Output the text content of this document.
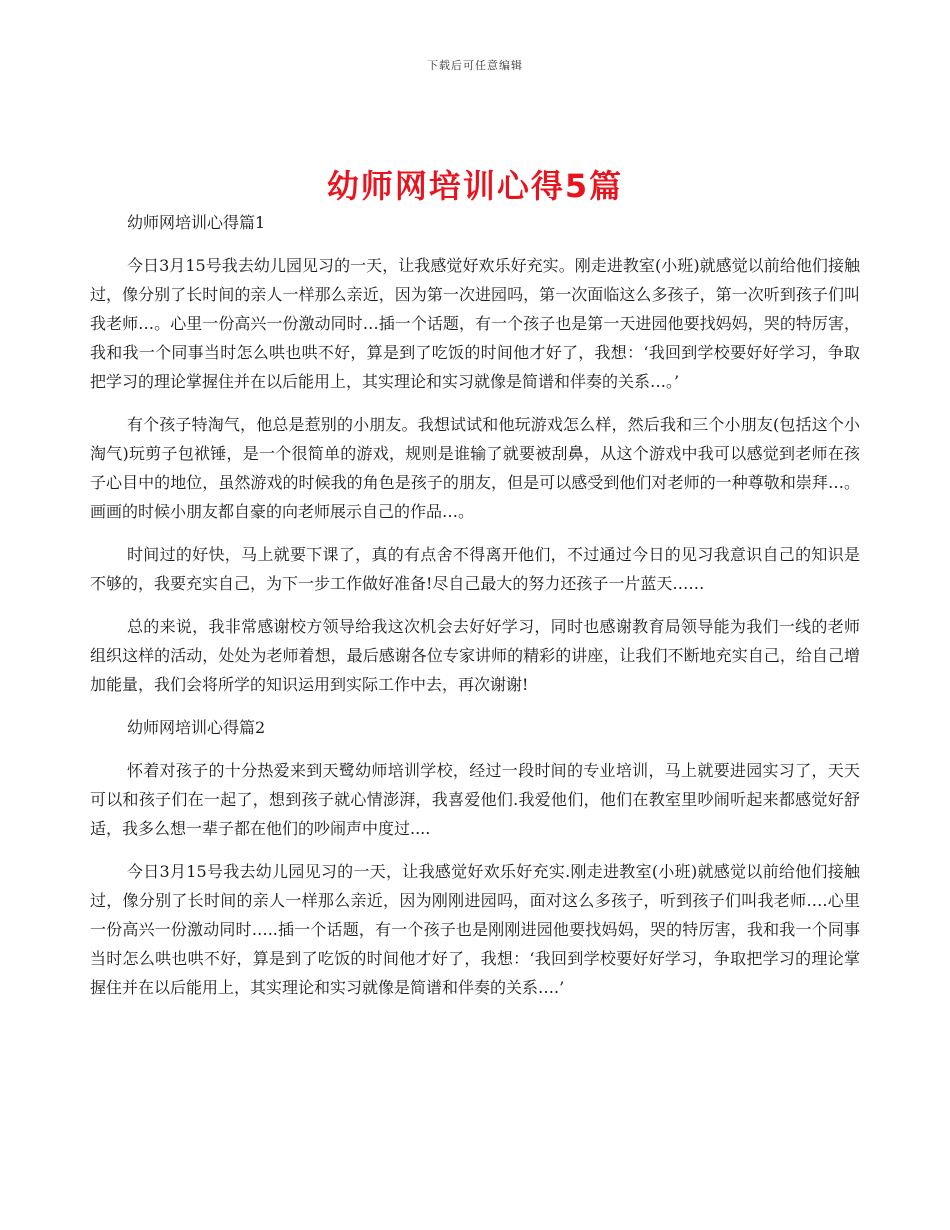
下载后可任意编辑
幼师网培训心得5篇

幼师网培训心得篇1

今日3月15号我去幼儿园见习的一天，让我感觉好欢乐好充实。刚走进教室(小班)就感觉以前给他们接触过，像分别了长时间的亲人一样那么亲近，因为第一次进园吗，第一次面临这么多孩子，第一次听到孩子们叫我老师…。心里一份高兴一份激动同时…插一个话题，有一个孩子也是第一天进园他要找妈妈，哭的特厉害，我和我一个同事当时怎么哄也哄不好，算是到了吃饭的时间他才好了，我想：‘我回到学校要好好学习，争取把学习的理论掌握住并在以后能用上，其实理论和实习就像是简谱和伴奏的关系…。’

有个孩子特淘气，他总是惹别的小朋友。我想试试和他玩游戏怎么样，然后我和三个小朋友(包括这个小淘气)玩剪子包袱锤，是一个很简单的游戏，规则是谁输了就要被刮鼻，从这个游戏中我可以感觉到老师在孩子心目中的地位，虽然游戏的时候我的角色是孩子的朋友，但是可以感受到他们对老师的一种尊敬和崇拜…。画画的时候小朋友都自豪的向老师展示自己的作品…。

时间过的好快，马上就要下课了，真的有点舍不得离开他们，不过通过今日的见习我意识自己的知识是不够的，我要充实自己，为下一步工作做好准备!尽自己最大的努力还孩子一片蓝天……

总的来说，我非常感谢校方领导给我这次机会去好好学习，同时也感谢教育局领导能为我们一线的老师组织这样的活动，处处为老师着想，最后感谢各位专家讲师的精彩的讲座，让我们不断地充实自己，给自己增加能量，我们会将所学的知识运用到实际工作中去，再次谢谢!

幼师网培训心得篇2

怀着对孩子的十分热爱来到天鹭幼师培训学校，经过一段时间的专业培训，马上就要进园实习了，天天可以和孩子们在一起了，想到孩子就心情澎湃，我喜爱他们.我爱他们，他们在教室里吵闹听起来都感觉好舒适，我多么想一辈子都在他们的吵闹声中度过....

今日3月15号我去幼儿园见习的一天，让我感觉好欢乐好充实.刚走进教室(小班)就感觉以前给他们接触过，像分别了长时间的亲人一样那么亲近，因为刚刚进园吗，面对这么多孩子，听到孩子们叫我老师….心里一份高兴一份激动同时…..插一个话题，有一个孩子也是刚刚进园他要找妈妈，哭的特厉害，我和我一个同事当时怎么哄也哄不好，算是到了吃饭的时间他才好了，我想：‘我回到学校要好好学习，争取把学习的理论掌握住并在以后能用上，其实理论和实习就像是简谱和伴奏的关系….’
